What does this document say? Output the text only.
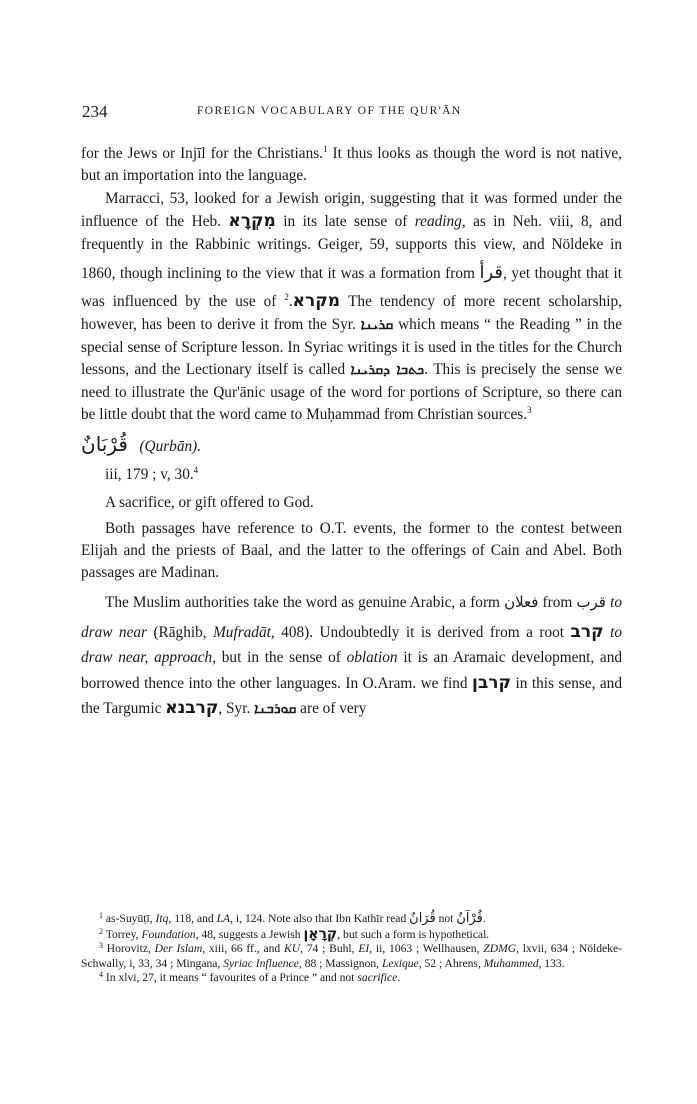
234	FOREIGN VOCABULARY OF THE QUR'ĀN

for the Jews or Injīl for the Christians.$^1$ It thus looks as though the word is not native, but an importation into the language.

Marracci, 53, looked for a Jewish origin, suggesting that it was formed under the influence of the Heb. מִקְרָא in its late sense of reading, as in Neh. viii, 8, and frequently in the Rabbinic writings. Geiger, 59, supports this view, and Nöldeke in 1860, though inclining to the view that it was a formation from قرأ, yet thought that it was influenced by the use of מקרא.$^2$	The tendency of more recent scholarship, however, has been to derive it from the Syr. ܩܪܝܢܐ which means “ the Reading ” in the special sense of Scripture lesson. In Syriac writings it is used in the titles for the Church lessons, and the Lectionary itself is called ܟܬܒܐ ܕܩܪܝܢܐ. This is precisely the sense we need to illustrate the Qur'ānic usage of the word for portions of Scripture, so there can be little doubt that the word came to Muḥammad from Christian sources.$^3$

قُرْبَانٌ (Qurbān).

iii, 179 ; v, 30.$^4$

A sacrifice, or gift offered to God.

Both passages have reference to O.T. events, the former to the contest between Elijah and the priests of Baal, and the latter to the offerings of Cain and Abel. Both passages are Madinan.

The Muslim authorities take the word as genuine Arabic, a form فعلان from قرب to draw near (Rāghib, Mufradāt, 408). Undoubtedly it is derived from a root קרב to draw near, approach, but in the sense of oblation it is an Aramaic development, and borrowed thence into the other languages. In O.Aram. we find קרבן in this sense, and the Targumic קרבנא, Syr. ܩܘܪܒܢܐ are of very

$^1$ as-Suyūṭī, Itq, 118, and LA, i, 124. Note also that Ibn Kathīr read قُرَانٌ not قُرْآنٌ.

$^2$ Torrey, Foundation, 48, suggests a Jewish קְרָאָן, but such a form is hypothetical.

$^3$ Horovitz, Der Islam, xiii, 66 ff., and KU, 74 ; Buhl, EI, ii, 1063 ; Wellhausen, ZDMG, lxvii, 634 ; Nöldeke-Schwally, i, 33, 34 ; Mingana, Syriac Influence, 88 ; Massignon, Lexique, 52 ; Ahrens, Muhammed, 133.

$^4$ In xlvi, 27, it means “ favourites of a Prince ” and not sacrifice.
